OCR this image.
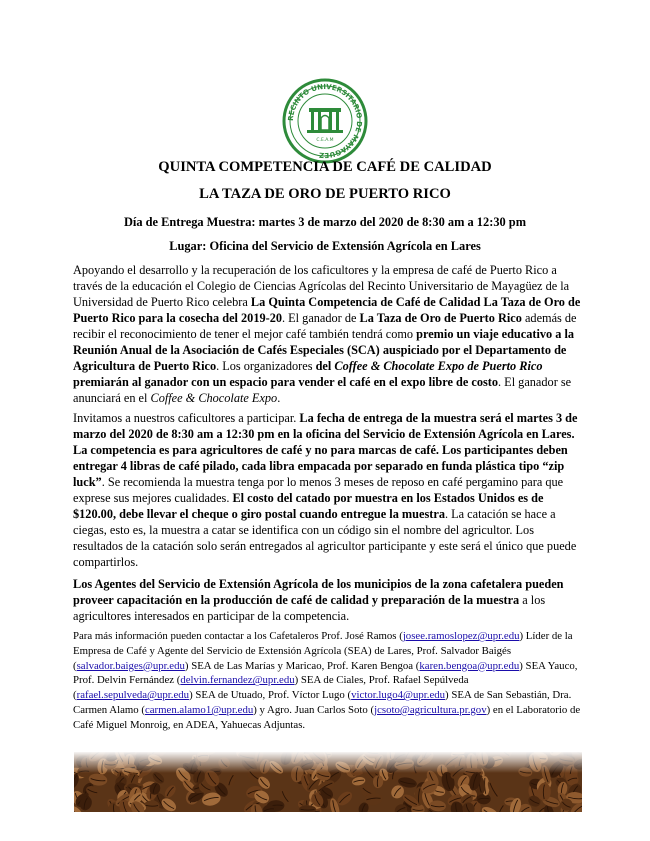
RECINTO UNIVERSITARIO DE MAYAGUEZ
C.E.A.M

QUINTA COMPETENCIA DE CAFÉ DE CALIDAD

LA TAZA DE ORO DE PUERTO RICO

Día de Entrega Muestra: martes 3 de marzo del 2020 de 8:30 am a 12:30 pm

Lugar: Oficina del Servicio de Extensión Agrícola en Lares

Apoyando el desarrollo y la recuperación de los caficultores y la empresa de café de Puerto Rico a través de la educación el Colegio de Ciencias Agrícolas del Recinto Universitario de Mayagüez de la Universidad de Puerto Rico celebra La Quinta Competencia de Café de Calidad La Taza de Oro de Puerto Rico para la cosecha del 2019-20. El ganador de La Taza de Oro de Puerto Rico además de recibir el reconocimiento de tener el mejor café también tendrá como premio un viaje educativo a la Reunión Anual de la Asociación de Cafés Especiales (SCA) auspiciado por el Departamento de Agricultura de Puerto Rico. Los organizadores del Coffee & Chocolate Expo de Puerto Rico premiarán al ganador con un espacio para vender el café en el expo libre de costo. El ganador se anunciará en el Coffee & Chocolate Expo.

Invitamos a nuestros caficultores a participar. La fecha de entrega de la muestra será el martes 3 de marzo del 2020 de 8:30 am a 12:30 pm en la oficina del Servicio de Extensión Agrícola en Lares. La competencia es para agricultores de café y no para marcas de café. Los participantes deben entregar 4 libras de café pilado, cada libra empacada por separado en funda plástica tipo “zip luck”. Se recomienda la muestra tenga por lo menos 3 meses de reposo en café pergamino para que exprese sus mejores cualidades. El costo del catado por muestra en los Estados Unidos es de $120.00, debe llevar el cheque o giro postal cuando entregue la muestra. La catación se hace a ciegas, esto es, la muestra a catar se identifica con un código sin el nombre del agricultor. Los resultados de la catación solo serán entregados al agricultor participante y este será el único que puede compartirlos.

Los Agentes del Servicio de Extensión Agrícola de los municipios de la zona cafetalera pueden proveer capacitación en la producción de café de calidad y preparación de la muestra a los agricultores interesados en participar de la competencia.

Para más información pueden contactar a los Cafetaleros Prof. José Ramos (josee.ramoslopez@upr.edu) Líder de la Empresa de Café y Agente del Servicio de Extensión Agrícola (SEA) de Lares, Prof. Salvador Baigés (salvador.baiges@upr.edu) SEA de Las Marías y Maricao, Prof. Karen Bengoa (karen.bengoa@upr.edu) SEA Yauco, Prof. Delvin Fernández (delvin.fernandez@upr.edu) SEA de Ciales, Prof. Rafael Sepúlveda (rafael.sepulveda@upr.edu) SEA de Utuado, Prof. Víctor Lugo (victor.lugo4@upr.edu) SEA de San Sebastián, Dra. Carmen Alamo (carmen.alamo1@upr.edu) y Agro. Juan Carlos Soto (jcsoto@agricultura.pr.gov) en el Laboratorio de Café Miguel Monroig, en ADEA, Yahuecas Adjuntas.
